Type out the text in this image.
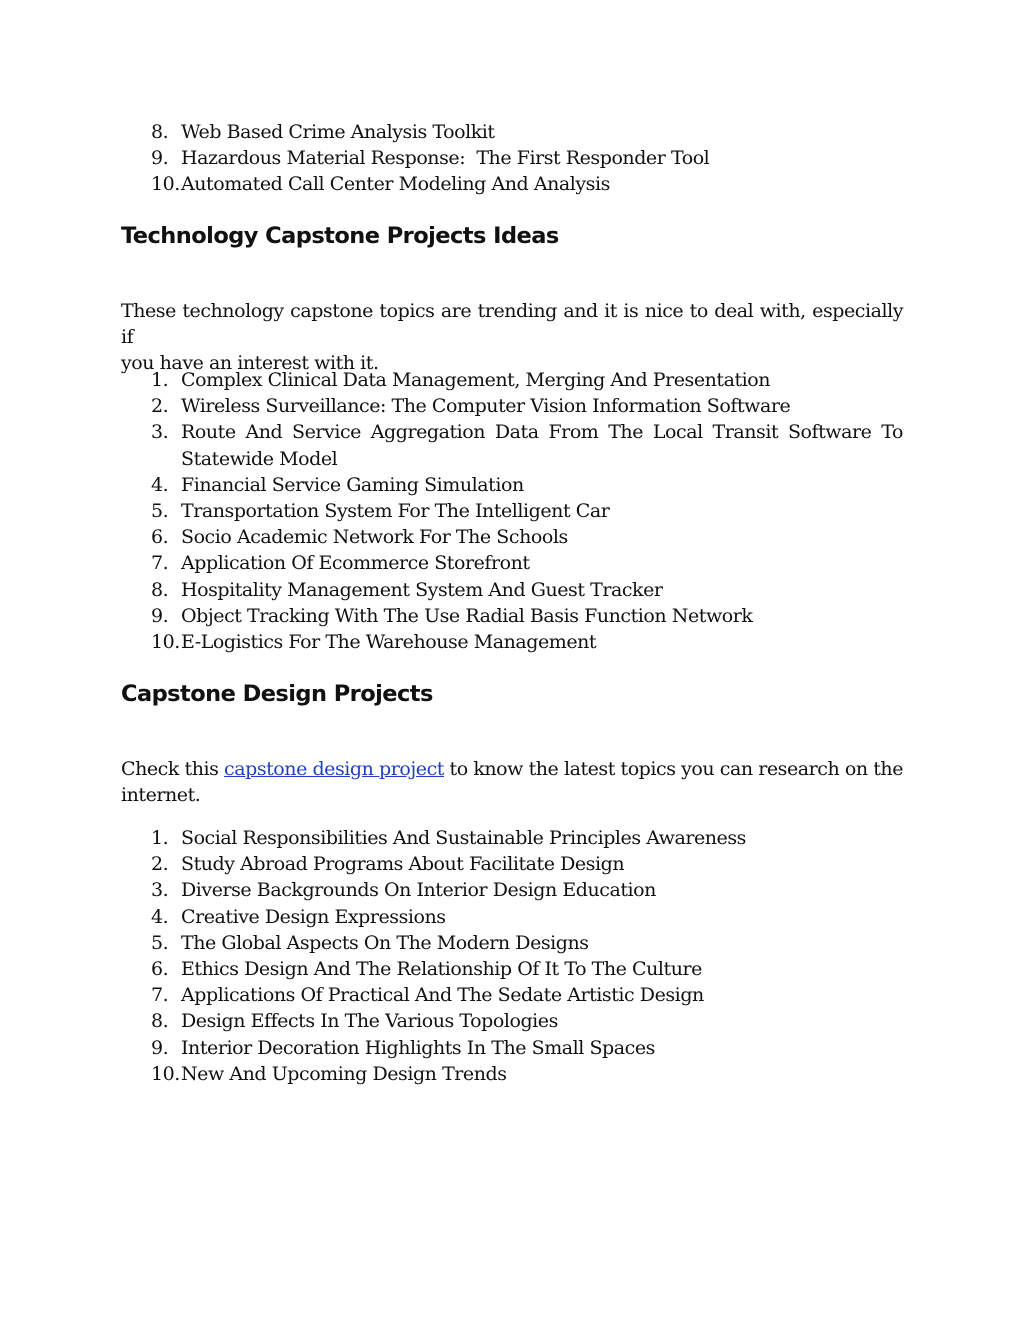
8. Web Based Crime Analysis Toolkit
9. Hazardous Material Response:  The First Responder Tool
10. Automated Call Center Modeling And Analysis
Technology Capstone Projects Ideas

These technology capstone topics are trending and it is nice to deal with, especially if
you have an interest with it.

1. Complex Clinical Data Management, Merging And Presentation
2. Wireless Surveillance: The Computer Vision Information Software
3. Route And Service Aggregation Data From The Local Transit Software To
Statewide Model
4. Financial Service Gaming Simulation
5. Transportation System For The Intelligent Car
6. Socio Academic Network For The Schools
7. Application Of Ecommerce Storefront
8. Hospitality Management System And Guest Tracker
9. Object Tracking With The Use Radial Basis Function Network
10. E-Logistics For The Warehouse Management
Capstone Design Projects

Check this capstone design project to know the latest topics you can research on the
internet.

1. Social Responsibilities And Sustainable Principles Awareness
2. Study Abroad Programs About Facilitate Design
3. Diverse Backgrounds On Interior Design Education
4. Creative Design Expressions
5. The Global Aspects On The Modern Designs
6. Ethics Design And The Relationship Of It To The Culture
7. Applications Of Practical And The Sedate Artistic Design
8. Design Effects In The Various Topologies
9. Interior Decoration Highlights In The Small Spaces
10. New And Upcoming Design Trends
